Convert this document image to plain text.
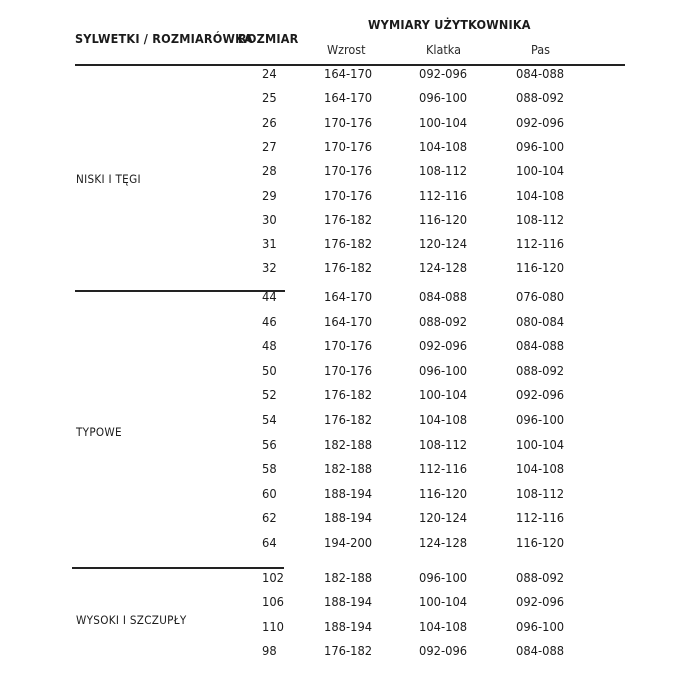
SYLWETKI / ROZMIARÓWKA
ROZMIAR
WYMIARY UŻYTKOWNIKA
Wzrost	Klatka	Pas
NISKI I TĘGI
24	164-170	092-096	084-088
25	164-170	096-100	088-092
26	170-176	100-104	092-096
27	170-176	104-108	096-100
28	170-176	108-112	100-104
29	170-176	112-116	104-108
30	176-182	116-120	108-112
31	176-182	120-124	112-116
32	176-182	124-128	116-120
TYPOWE
44	164-170	084-088	076-080
46	164-170	088-092	080-084
48	170-176	092-096	084-088
50	170-176	096-100	088-092
52	176-182	100-104	092-096
54	176-182	104-108	096-100
56	182-188	108-112	100-104
58	182-188	112-116	104-108
60	188-194	116-120	108-112
62	188-194	120-124	112-116
64	194-200	124-128	116-120
WYSOKI I SZCZUPŁY
102	182-188	096-100	088-092
106	188-194	100-104	092-096
110	188-194	104-108	096-100
98	176-182	092-096	084-088
